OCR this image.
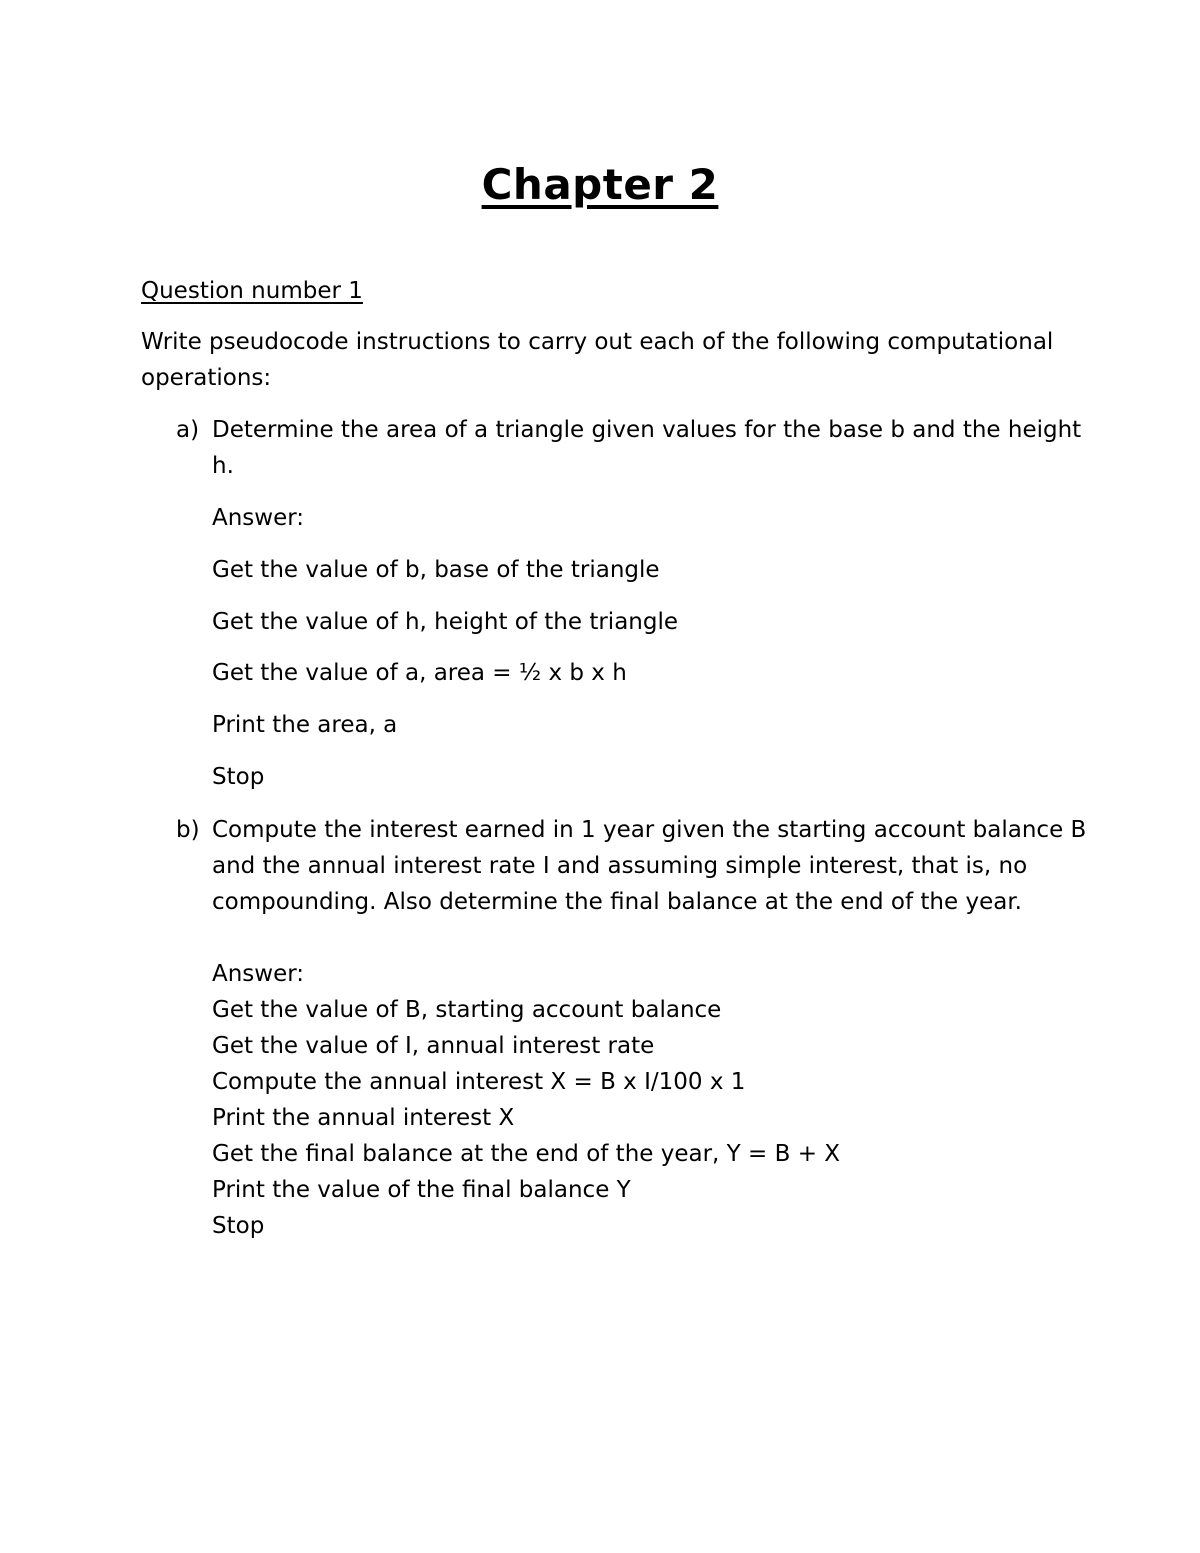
Chapter 2
Question number 1
Write pseudocode instructions to carry out each of the following computational
operations:
a) Determine the area of a triangle given values for the base b and the height
h.
Answer:
Get the value of b, base of the triangle
Get the value of h, height of the triangle
Get the value of a, area = ½ x b x h
Print the area, a
Stop
b) Compute the interest earned in 1 year given the starting account balance B
and the annual interest rate I and assuming simple interest, that is, no
compounding. Also determine the final balance at the end of the year.
Answer:
Get the value of B, starting account balance
Get the value of I, annual interest rate
Compute the annual interest X = B x I/100 x 1
Print the annual interest X
Get the final balance at the end of the year, Y = B + X
Print the value of the final balance Y
Stop
